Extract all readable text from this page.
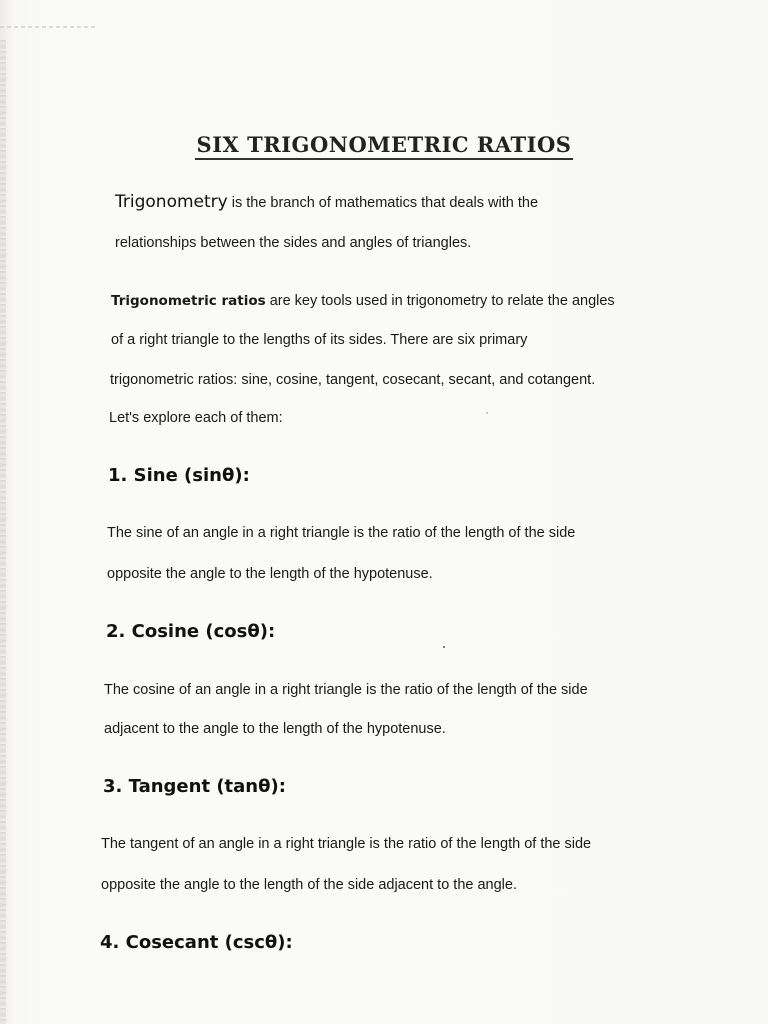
SIX TRIGONOMETRIC RATIOS
Trigonometry is the branch of mathematics that deals with the
relationships between the sides and angles of triangles.
Trigonometric ratios are key tools used in trigonometry to relate the angles
of a right triangle to the lengths of its sides. There are six primary
trigonometric ratios: sine, cosine, tangent, cosecant, secant, and cotangent.
Let's explore each of them:
1. Sine (sinθ):
The sine of an angle in a right triangle is the ratio of the length of the side
opposite the angle to the length of the hypotenuse.
2. Cosine (cosθ):
The cosine of an angle in a right triangle is the ratio of the length of the side
adjacent to the angle to the length of the hypotenuse.
3. Tangent (tanθ):
The tangent of an angle in a right triangle is the ratio of the length of the side
opposite the angle to the length of the side adjacent to the angle.
4. Cosecant (cscθ):
